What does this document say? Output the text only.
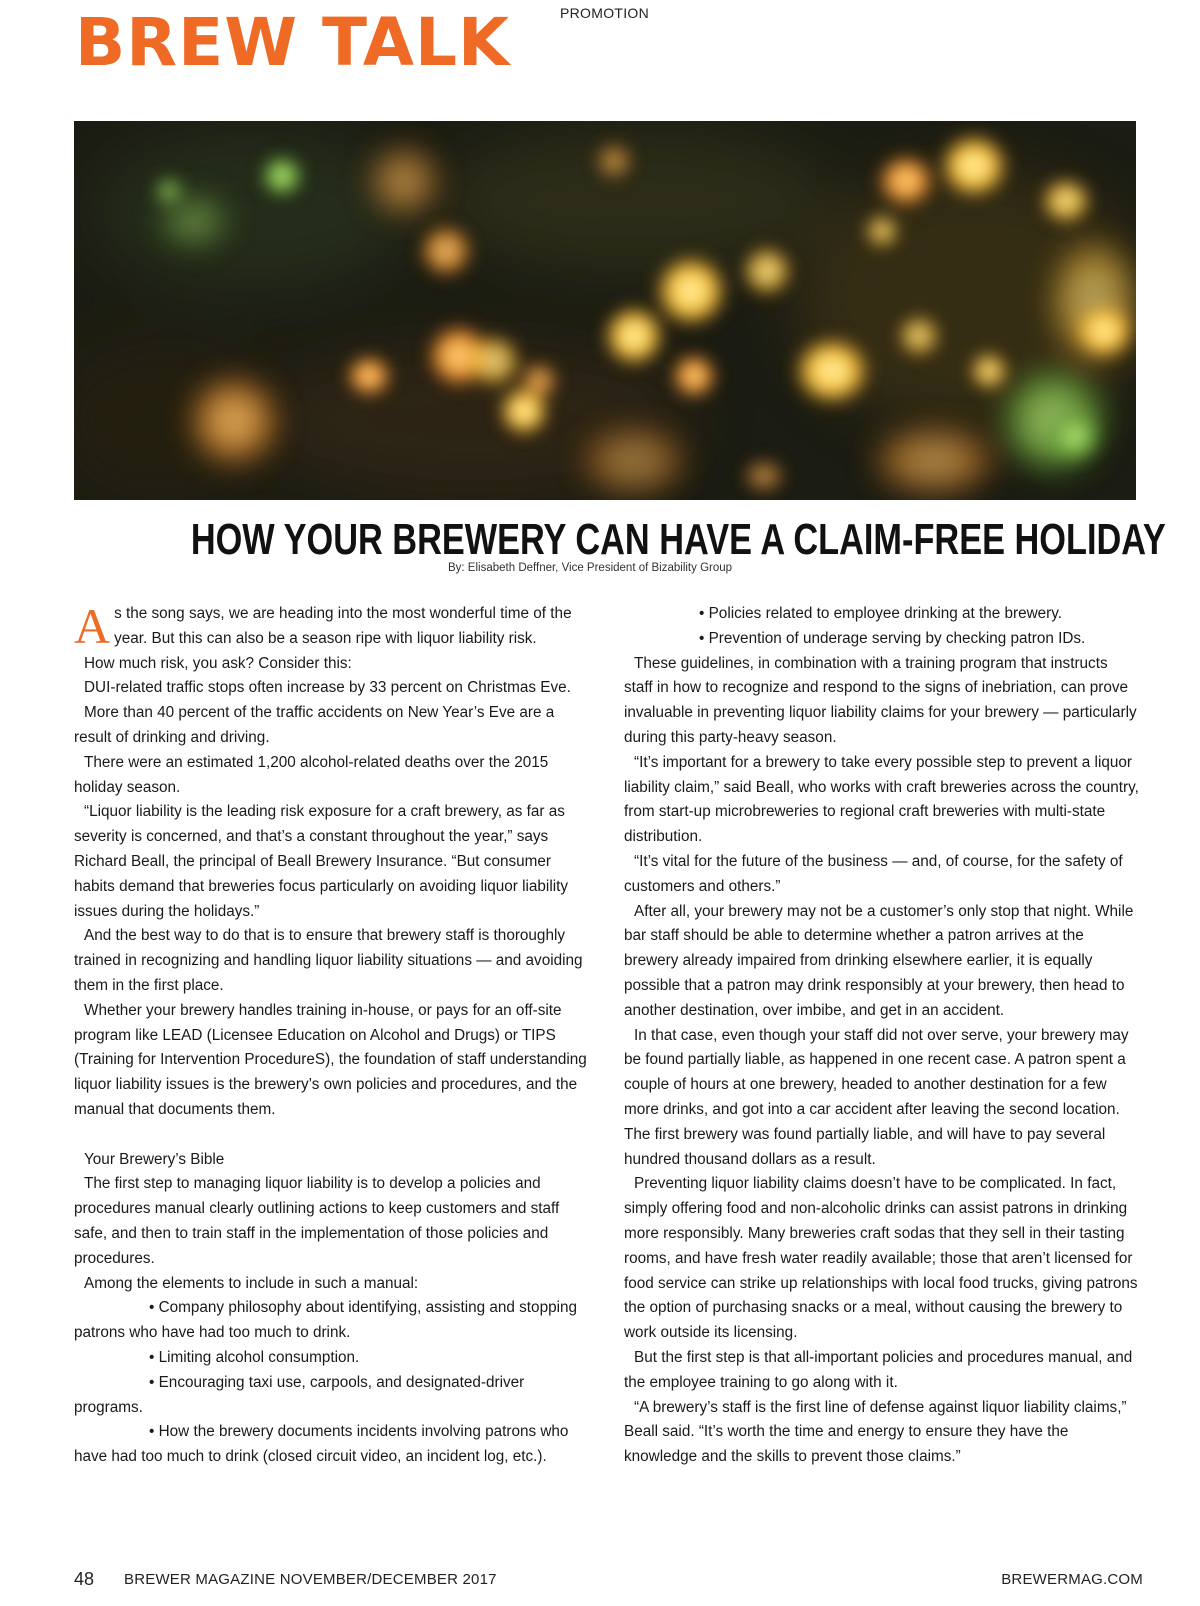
PROMOTION
BREW TALK
HOW YOUR BREWERY CAN HAVE A CLAIM-FREE HOLIDAY
By: Elisabeth Deffner, Vice President of Bizability Group

As the song says, we are heading into the most wonderful time of the year. But this can also be a season ripe with liquor liability risk.

How much risk, you ask? Consider this:

DUI-related traffic stops often increase by 33 percent on Christmas Eve.

More than 40 percent of the traffic accidents on New Year’s Eve are a result of drinking and driving.

There were an estimated 1,200 alcohol-related deaths over the 2015 holiday season.

“Liquor liability is the leading risk exposure for a craft brewery, as far as severity is concerned, and that’s a constant throughout the year,” says Richard Beall, the principal of Beall Brewery Insurance. “But consumer habits demand that breweries focus particularly on avoiding liquor liability issues during the holidays.”

And the best way to do that is to ensure that brewery staff is thoroughly trained in recognizing and handling liquor liability situations — and avoiding them in the first place.

Whether your brewery handles training in-house, or pays for an off-site program like LEAD (Licensee Education on Alcohol and Drugs) or TIPS (Training for Intervention ProcedureS), the foundation of staff understanding liquor liability issues is the brewery’s own policies and procedures, and the manual that documents them.

Your Brewery’s Bible

The first step to managing liquor liability is to develop a policies and procedures manual clearly outlining actions to keep customers and staff safe, and then to train staff in the implementation of those policies and procedures.

Among the elements to include in such a manual:

• Company philosophy about identifying, assisting and stopping patrons who have had too much to drink.

• Limiting alcohol consumption.

• Encouraging taxi use, carpools, and designated-driver programs.

• How the brewery documents incidents involving patrons who have had too much to drink (closed circuit video, an incident log, etc.).

• Policies related to employee drinking at the brewery.

• Prevention of underage serving by checking patron IDs.

These guidelines, in combination with a training program that instructs staff in how to recognize and respond to the signs of inebriation, can prove invaluable in preventing liquor liability claims for your brewery — particularly during this party-heavy season.

“It’s important for a brewery to take every possible step to prevent a liquor liability claim,” said Beall, who works with craft breweries across the country, from start-up microbreweries to regional craft breweries with multi-state distribution.

“It’s vital for the future of the business — and, of course, for the safety of customers and others.”

After all, your brewery may not be a customer’s only stop that night. While bar staff should be able to determine whether a patron arrives at the brewery already impaired from drinking elsewhere earlier, it is equally possible that a patron may drink responsibly at your brewery, then head to another destination, over imbibe, and get in an accident.

In that case, even though your staff did not over serve, your brewery may be found partially liable, as happened in one recent case. A patron spent a couple of hours at one brewery, headed to another destination for a few more drinks, and got into a car accident after leaving the second location. The first brewery was found partially liable, and will have to pay several hundred thousand dollars as a result.

Preventing liquor liability claims doesn’t have to be complicated. In fact, simply offering food and non-alcoholic drinks can assist patrons in drinking more responsibly. Many breweries craft sodas that they sell in their tasting rooms, and have fresh water readily available; those that aren’t licensed for food service can strike up relationships with local food trucks, giving patrons the option of purchasing snacks or a meal, without causing the brewery to work outside its licensing.

But the first step is that all-important policies and procedures manual, and the employee training to go along with it.

“A brewery’s staff is the first line of defense against liquor liability claims,” Beall said. “It’s worth the time and energy to ensure they have the knowledge and the skills to prevent those claims.”

48 BREWER MAGAZINE NOVEMBER/DECEMBER 2017	BREWERMAG.COM
